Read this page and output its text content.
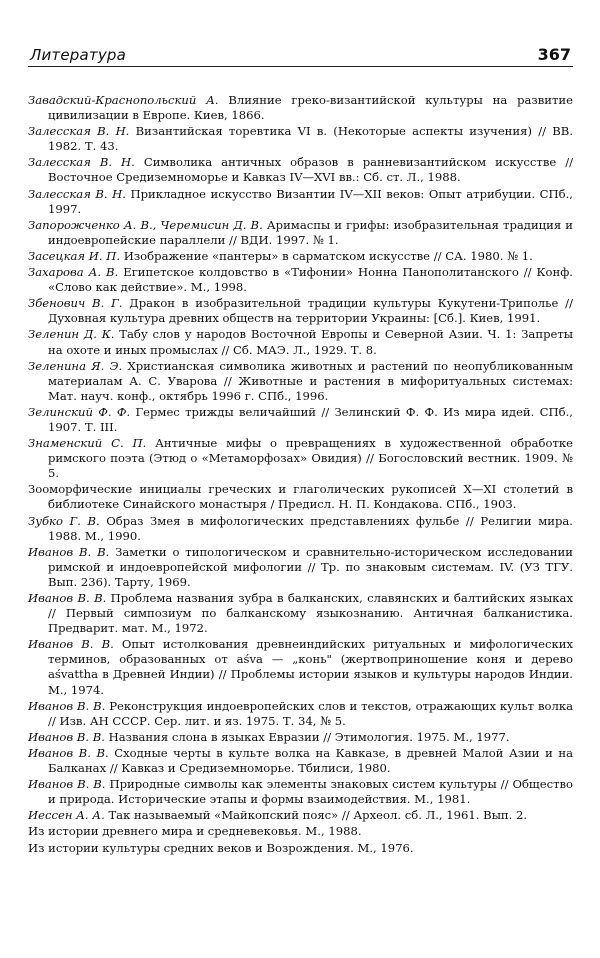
Литература	367
Завадский-Краснопольский А. Влияние греко-византийской культуры на развитие цивилизации в Европе. Киев, 1866.
Залесская В. Н. Византийская торевтика VI в. (Некоторые аспекты изучения) // ВВ. 1982. Т. 43.
Залесская В. Н. Символика античных образов в ранневизантийском искусстве // Восточное Средиземноморье и Кавказ IV—XVI вв.: Сб. ст. Л., 1988.
Залесская В. Н. Прикладное искусство Византии IV—XII веков: Опыт атрибуции. СПб., 1997.
Запорожченко А. В., Черемисин Д. В. Аримаспы и грифы: изобразительная традиция и индоевропейские параллели // ВДИ. 1997. № 1.
Засецкая И. П. Изображение «пантеры» в сарматском искусстве // СА. 1980. № 1.
Захарова А. В. Египетское колдовство в «Тифонии» Нонна Панополитанского // Конф. «Слово как действие». М., 1998.
Збенович В. Г. Дракон в изобразительной традиции культуры Кукутени-Триполье // Духовная культура древних обществ на территории Украины: [Сб.]. Киев, 1991.
Зеленин Д. К. Табу слов у народов Восточной Европы и Северной Азии. Ч. 1: Запреты на охоте и иных промыслах // Сб. МАЭ. Л., 1929. Т. 8.
Зеленина Я. Э. Христианская символика животных и растений по неопубликованным материалам А. С. Уварова // Животные и растения в мифоритуальных системах: Мат. науч. конф., октябрь 1996 г. СПб., 1996.
Зелинский Ф. Ф. Гермес трижды величайший // Зелинский Ф. Ф. Из мира идей. СПб., 1907. Т. III.
Знаменский С. П. Античные мифы о превращениях в художественной обработке римского поэта (Этюд о «Метаморфозах» Овидия) // Богословский вестник. 1909. № 5.
Зооморфические инициалы греческих и глаголических рукописей X—XI столетий в библиотеке Синайского монастыря / Предисл. Н. П. Кондакова. СПб., 1903.
Зубко Г. В. Образ Змея в мифологических представлениях фульбе // Религии мира. 1988. М., 1990.
Иванов В. В. Заметки о типологическом и сравнительно-историческом исследовании римской и индоевропейской мифологии // Тр. по знаковым системам. IV. (УЗ ТГУ. Вып. 236). Тарту, 1969.
Иванов В. В. Проблема названия зубра в балканских, славянских и балтийских языках // Первый симпозиум по балканскому языкознанию. Античная балканистика. Предварит. мат. М., 1972.
Иванов В. В. Опыт истолкования древнеиндийских ритуальных и мифологических терминов, образованных от aśva — „конь" (жертвоприношение коня и дерево aśvattha в Древней Индии) // Проблемы истории языков и культуры народов Индии. М., 1974.
Иванов В. В. Реконструкция индоевропейских слов и текстов, отражающих культ волка // Изв. АН СССР. Сер. лит. и яз. 1975. Т. 34, № 5.
Иванов В. В. Названия слона в языках Евразии // Этимология. 1975. М., 1977.
Иванов В. В. Сходные черты в культе волка на Кавказе, в древней Малой Азии и на Балканах // Кавказ и Средиземноморье. Тбилиси, 1980.
Иванов В. В. Природные символы как элементы знаковых систем культуры // Общество и природа. Исторические этапы и формы взаимодействия. М., 1981.
Иессен А. А. Так называемый «Майкопский пояс» // Археол. сб. Л., 1961. Вып. 2.
Из истории древнего мира и средневековья. М., 1988.
Из истории культуры средних веков и Возрождения. М., 1976.
